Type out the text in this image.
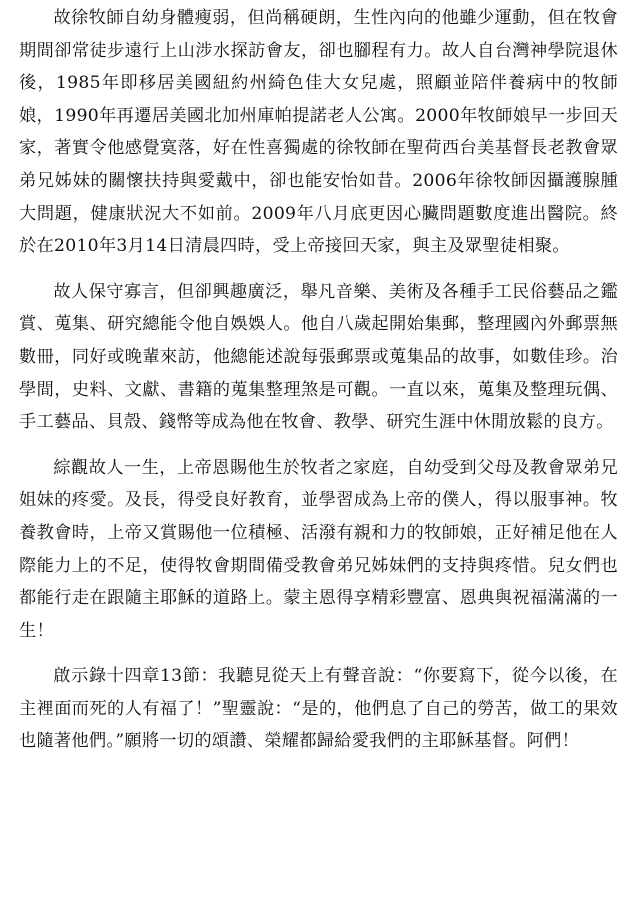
故徐牧師自幼身體瘦弱，但尚稱硬朗，生性內向的他雖少運動，但在牧會期間卻常徒步遠行上山涉水探訪會友，卻也腳程有力。故人自台灣神學院退休後，1985年即移居美國紐約州綺色佳大女兒處，照顧並陪伴養病中的牧師娘，1990年再遷居美國北加州庫帕提諾老人公寓。2000年牧師娘早一步回天家，著實令他感覺寞落，好在性喜獨處的徐牧師在聖荷西台美基督長老教會眾弟兄姊妹的關懷扶持與愛戴中，卻也能安怡如昔。2006年徐牧師因攝護腺腫大問題，健康狀況大不如前。2009年八月底更因心臟問題數度進出醫院。終於在2010年3月14日清晨四時，受上帝接回天家，與主及眾聖徒相聚。

故人保守寡言，但卻興趣廣泛，舉凡音樂、美術及各種手工民俗藝品之鑑賞、蒐集、研究總能令他自娛娛人。他自八歲起開始集郵，整理國內外郵票無數冊，同好或晚輩來訪，他總能述說每張郵票或蒐集品的故事，如數佳珍。治學間，史料、文獻、書籍的蒐集整理煞是可觀。一直以來，蒐集及整理玩偶、手工藝品、貝殼、錢幣等成為他在牧會、教學、研究生涯中休閒放鬆的良方。

綜觀故人一生，上帝恩賜他生於牧者之家庭，自幼受到父母及教會眾弟兄姐妹的疼愛。及長，得受良好教育，並學習成為上帝的僕人，得以服事神。牧養教會時，上帝又賞賜他一位積極、活潑有親和力的牧師娘，正好補足他在人際能力上的不足，使得牧會期間備受教會弟兄姊妹們的支持與疼惜。兒女們也都能行走在跟隨主耶穌的道路上。蒙主恩得享精彩豐富、恩典與祝福滿滿的一生！

啟示錄十四章13節：我聽見從天上有聲音說：“你要寫下，從今以後，在主裡面而死的人有福了！”聖靈說：“是的，他們息了自己的勞苦，做工的果效也隨著他們。”願將一切的頌讚、榮耀都歸給愛我們的主耶穌基督。阿們！
